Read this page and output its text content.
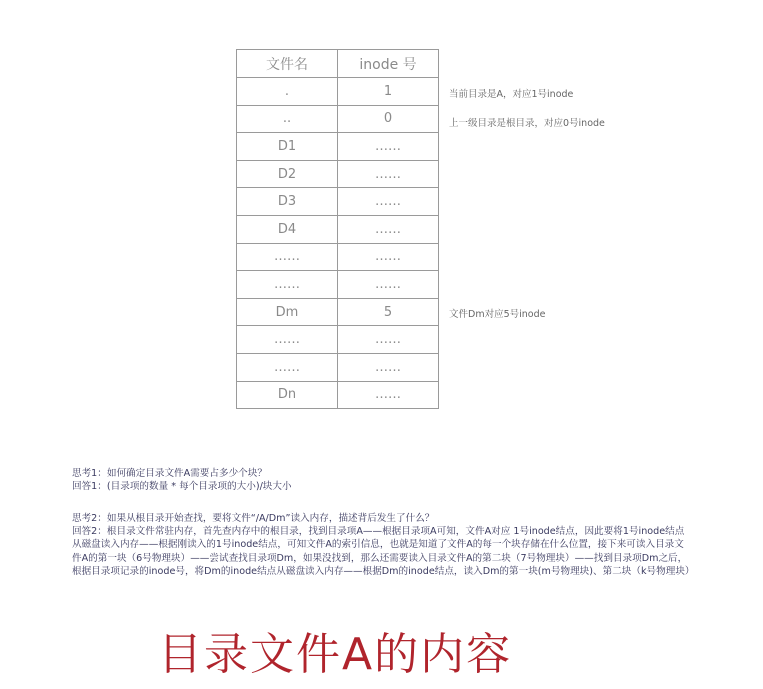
文件名	inode 号
.	1
..	0
D1	……
D2	……
D3	……
D4	……
……	……
……	……
Dm	5
……	……
……	……
Dn	……
当前目录是A，对应1号inode
上一级目录是根目录，对应0号inode
文件Dm对应5号inode

思考1：如何确定目录文件A需要占多少个块？

回答1：(目录项的数量 * 每个目录项的大小)/块大小

思考2：如果从根目录开始查找，要将文件“/A/Dm”读入内存，描述背后发生了什么？

回答2：根目录文件常驻内存，首先查内存中的根目录，找到目录项A——根据目录项A可知，文件A对应 1号inode结点，因此要将1号inode结点从磁盘读入内存——根据刚读入的1号inode结点，可知文件A的索引信息，也就是知道了文件A的每一个块存储在什么位置，接下来可读入目录文件A的第一块（6号物理块）——尝试查找目录项Dm，如果没找到，那么还需要读入目录文件A的第二块（7号物理块）——找到目录项Dm之后，根据目录项记录的inode号，将Dm的inode结点从磁盘读入内存——根据Dm的inode结点，读入Dm的第一块(m号物理块)、第二块（k号物理块）

目录文件A的内容
